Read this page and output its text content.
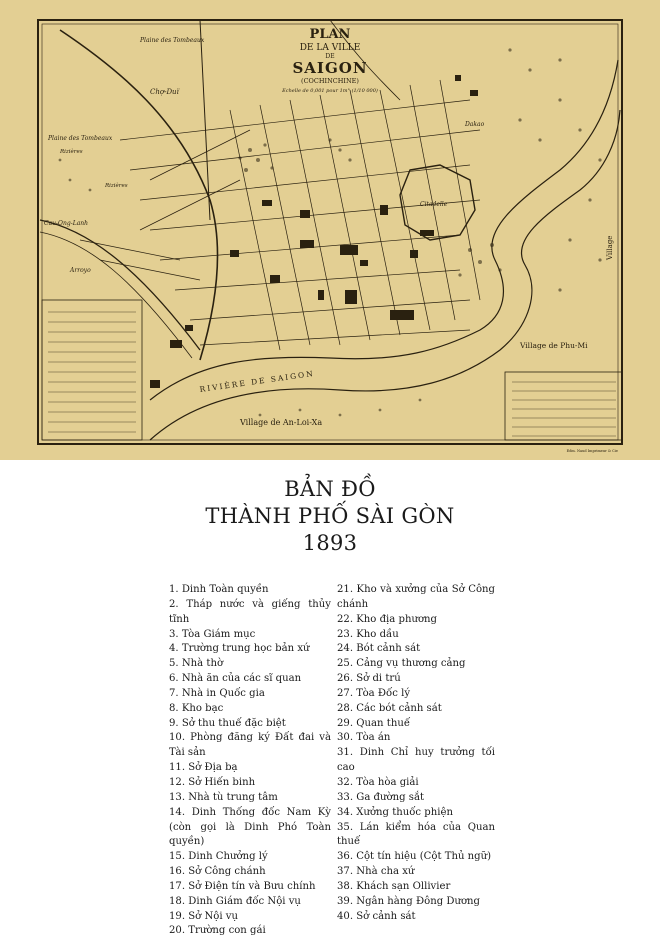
PLAN
DE LA VILLE
DE
SAIGON
(COCHINCHINE)
Echelle de 0,001 pour 1m° (1/10 000)
Plaine des Tombeaux
Plaine des Tombeaux
Chợ-Duï
Cau-Ong-Lanh
Arroyo
Citadelle
Dakao
Rizières
Rizières
RIVIÈRE DE SAIGON
Village de An-Loi-Xa
Village de Phu-Mi
Village
Edm. Naud Imprimeur & Cie
BẢN ĐỒ
THÀNH PHỐ SÀI GÒN
1893
1. Dinh Toàn quyền
2. Tháp nước và giếng thủy tĩnh
3. Tòa Giám mục
4. Trường trung học bản xứ
5. Nhà thờ
6. Nhà ăn của các sĩ quan
7. Nhà in Quốc gia
8. Kho bạc
9. Sở thu thuế đặc biệt
10. Phòng đăng ký Đất đai và Tài sản
11. Sở Địa bạ
12. Sở Hiến binh
13. Nhà tù trung tâm
14. Dinh Thống đốc Nam Kỳ (còn gọi là Dinh Phó Toàn quyền)
15. Dinh Chưởng lý
16. Sở Công chánh
17. Sở Điện tín và Bưu chính
18. Dinh Giám đốc Nội vụ
19. Sở Nội vụ
20. Trường con gái
21. Kho và xưởng của Sở Công chánh
22. Kho địa phương
23. Kho dầu
24. Bót cảnh sát
25. Cảng vụ thương cảng
26. Sở di trú
27. Tòa Đốc lý
28. Các bót cảnh sát
29. Quan thuế
30. Tòa án
31. Dinh Chỉ huy trưởng tối cao
32. Tòa hòa giải
33. Ga đường sắt
34. Xưởng thuốc phiện
35. Lán kiểm hóa của Quan thuế
36. Cột tín hiệu (Cột Thủ ngữ)
37. Nhà cha xứ
38. Khách sạn Ollivier
39. Ngân hàng Đông Dương
40. Sở cảnh sát
